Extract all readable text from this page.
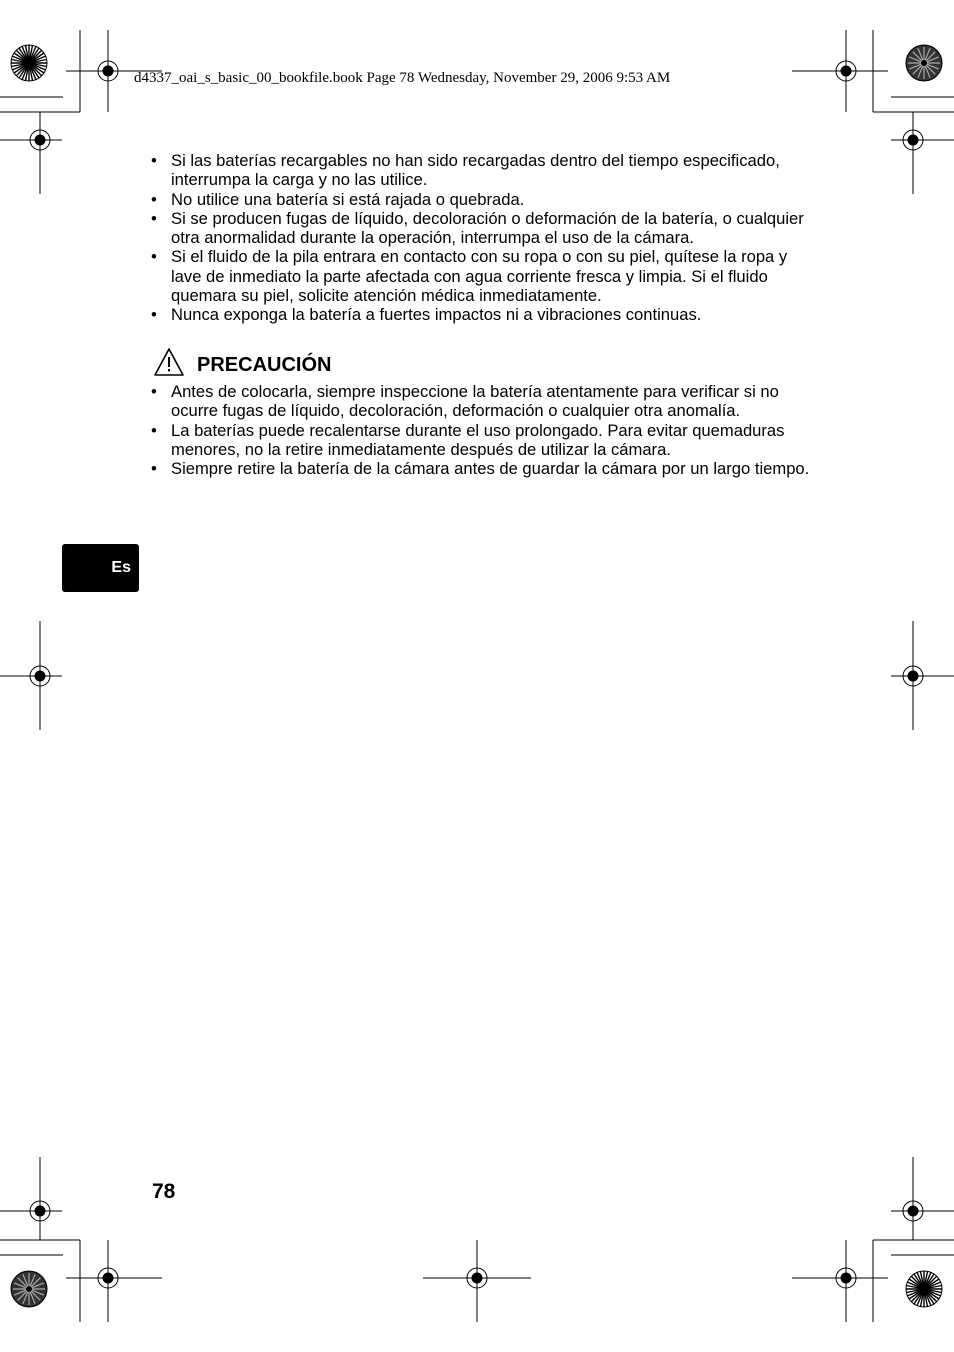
d4337_oai_s_basic_00_bookfile.book Page 78 Wednesday, November 29, 2006 9:53 AM
• Si las baterías recargables no han sido recargadas dentro del tiempo especificado, interrumpa la carga y no las utilice.
• No utilice una batería si está rajada o quebrada.
• Si se producen fugas de líquido, decoloración o deformación de la batería, o cualquier otra anormalidad durante la operación, interrumpa el uso de la cámara.
• Si el fluido de la pila entrara en contacto con su ropa o con su piel, quítese la ropa y lave de inmediato la parte afectada con agua corriente fresca y limpia. Si el fluido quemara su piel, solicite atención médica inmediatamente.
• Nunca exponga la batería a fuertes impactos ni a vibraciones continuas.
PRECAUCIÓN
• Antes de colocarla, siempre inspeccione la batería atentamente para verificar si no ocurre fugas de líquido, decoloración, deformación o cualquier otra anomalía.
• La baterías puede recalentarse durante el uso prolongado. Para evitar quemaduras menores, no la retire inmediatamente después de utilizar la cámara.
• Siempre retire la batería de la cámara antes de guardar la cámara por un largo tiempo.
Es
78
